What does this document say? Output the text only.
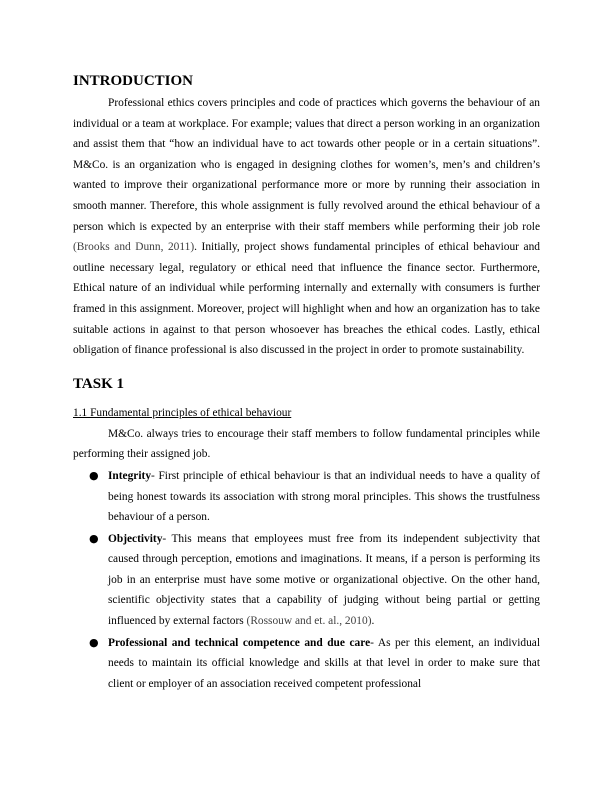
INTRODUCTION

Professional ethics covers principles and code of practices which governs the behaviour of an individual or a team at workplace. For example; values that direct a person working in an organization and assist them that “how an individual have to act towards other people or in a certain situations”. M&Co. is an organization who is engaged in designing clothes for women’s, men’s and children’s wanted to improve their organizational performance more or more by running their association in smooth manner. Therefore, this whole assignment is fully revolved around the ethical behaviour of a person which is expected by an enterprise with their staff members while performing their job role (Brooks and Dunn, 2011). Initially, project shows fundamental principles of ethical behaviour and outline necessary legal, regulatory or ethical need that influence the finance sector. Furthermore, Ethical nature of an individual while performing internally and externally with consumers is further framed in this assignment. Moreover, project will highlight when and how an organization has to take suitable actions in against to that person whosoever has breaches the ethical codes. Lastly, ethical obligation of finance professional is also discussed in the project in order to promote sustainability.

TASK 1

1.1 Fundamental principles of ethical behaviour

M&Co. always tries to encourage their staff members to follow fundamental principles while performing their assigned job.

● Integrity- First principle of ethical behaviour is that an individual needs to have a quality of being honest towards its association with strong moral principles. This shows the trustfulness behaviour of a person.
● Objectivity- This means that employees must free from its independent subjectivity that caused through perception, emotions and imaginations. It means, if a person is performing its job in an enterprise must have some motive or organizational objective. On the other hand, scientific objectivity states that a capability of judging without being partial or getting influenced by external factors (Rossouw and et. al., 2010).
● Professional and technical competence and due care- As per this element, an individual needs to maintain its official knowledge and skills at that level in order to make sure that client or employer of an association received competent professional
